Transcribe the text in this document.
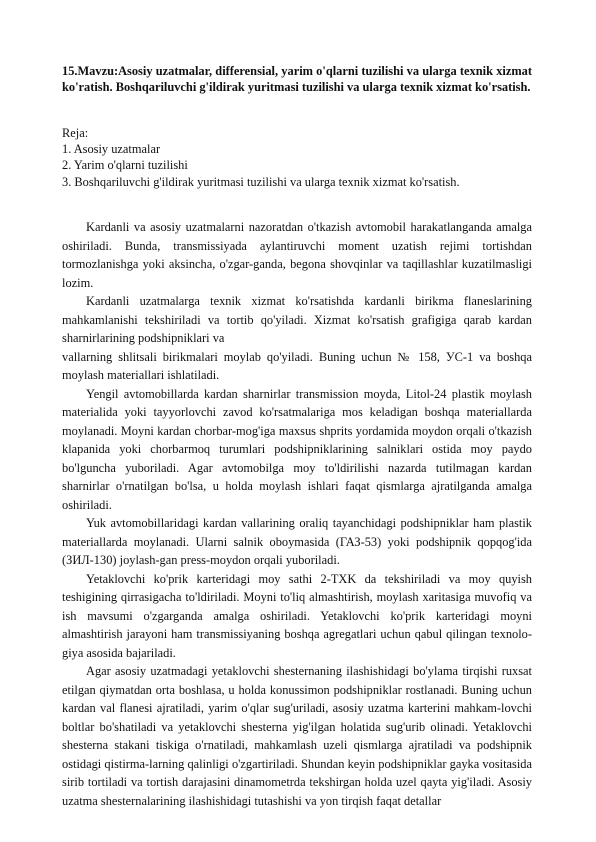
15.Mavzu:Asosiy uzatmalar, differensial, yarim o'qlarni tuzilishi va ularga texnik xizmat ko'ratish. Boshqariluvchi g'ildirak yuritmasi tuzilishi va ularga texnik xizmat ko'rsatish.
Reja:
1. Asosiy uzatmalar
2. Yarim o'qlarni tuzilishi
3. Boshqariluvchi g'ildirak yuritmasi tuzilishi va ularga texnik xizmat ko'rsatish.

Kardanli va asosiy uzatmalarni nazoratdan o'tkazish avtomobil harakatlanganda amalga oshiriladi. Bunda, transmissiyada aylantiruvchi moment uzatish rejimi tortishdan tormozlanishga yoki aksincha, o'zgar-ganda, begona shovqinlar va taqillashlar kuzatilmasligi lozim.

Kardanli uzatmalarga texnik xizmat ko'rsatishda kardanli birikma flaneslarining mahkamlanishi tekshiriladi va tortib qo'yiladi. Xizmat ko'rsatish grafigiga qarab kardan sharnirlarining podshipniklari va

vallarning shlitsali birikmalari moylab qo'yiladi. Buning uchun № 158, УС-1 va boshqa moylash materiallari ishlatiladi.

Yengil avtomobillarda kardan sharnirlar transmission moyda, Litol-24 plastik moylash materialida yoki tayyorlovchi zavod ko'rsatmalariga mos keladigan boshqa materiallarda moylanadi. Moyni kardan chorbar-mog'iga maxsus shprits yordamida moydon orqali o'tkazish klapanida yoki chorbarmoq turumlari podshipniklarining salniklari ostida moy paydo bo'lguncha yuboriladi. Agar avtomobilga moy to'ldirilishi nazarda tutilmagan kardan sharnirlar o'rnatilgan bo'lsa, u holda moylash ishlari faqat qismlarga ajratilganda amalga oshiriladi.

Yuk avtomobillaridagi kardan vallarining oraliq tayanchidagi podshipniklar ham plastik materiallarda moylanadi. Ularni salnik oboymasida (ГАЗ-53) yoki podshipnik qopqog'ida (ЗИЛ-130) joylash-gan press-moydon orqali yuboriladi.

Yetaklovchi ko'prik karteridagi moy sathi 2-TXK da tekshiriladi va moy quyish teshigining qirrasigacha to'ldiriladi. Moyni to'liq almashtirish, moylash xaritasiga muvofiq va ish mavsumi o'zgarganda amalga oshiriladi. Yetaklovchi ko'prik karteridagi moyni almashtirish jarayoni ham transmissiyaning boshqa agregatlari uchun qabul qilingan texnolo-giya asosida bajariladi.

Agar asosiy uzatmadagi yetaklovchi shesternaning ilashishidagi bo'ylama tirqishi ruxsat etilgan qiymatdan orta boshlasa, u holda konussimon podshipniklar rostlanadi. Buning uchun kardan val flanesi ajratiladi, yarim o'qlar sug'uriladi, asosiy uzatma karterini mahkam-lovchi boltlar bo'shatiladi va yetaklovchi shesterna yig'ilgan holatida sug'urib olinadi. Yetaklovchi shesterna stakani tiskiga o'rnatiladi, mahkamlash uzeli qismlarga ajratiladi va podshipnik ostidagi qistirma-larning qalinligi o'zgartiriladi. Shundan keyin podshipniklar gayka vositasida sirib tortiladi va tortish darajasini dinamometrda tekshirgan holda uzel qayta yig'iladi. Asosiy uzatma shesternalarining ilashishidagi tutashishi va yon tirqish faqat detallar
